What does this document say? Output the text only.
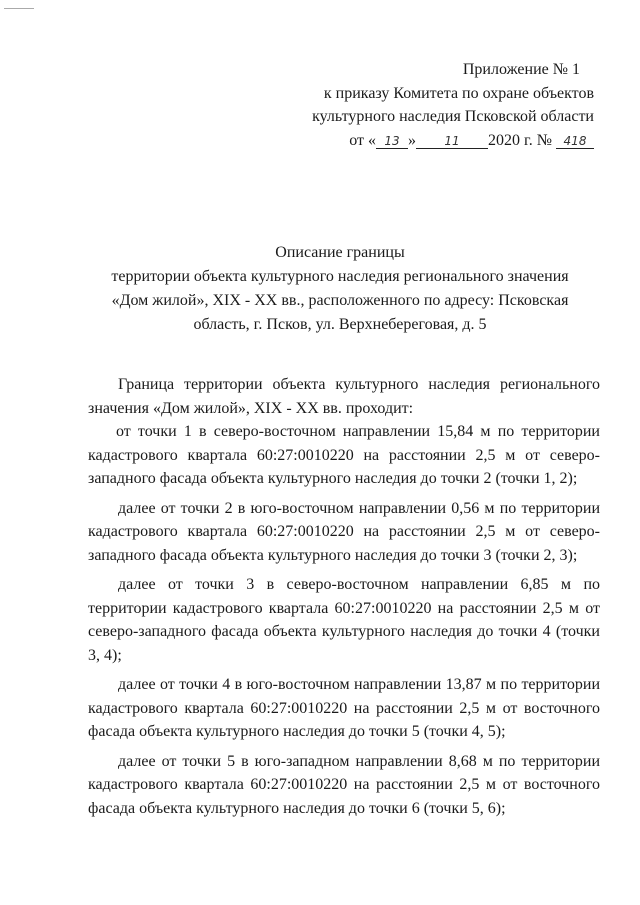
Приложение № 1
к приказу Комитета по охране объектов
культурного наследия Псковской области
от « 13 » 11 2020 г. № 418
Описание границы
территории объекта культурного наследия регионального значения
«Дом жилой», XIX - XX вв., расположенного по адресу: Псковская
область, г. Псков, ул. Верхнебереговая, д. 5

Граница территории объекта культурного наследия регионального значения «Дом жилой», XIX - XX вв. проходит:

от точки 1 в северо-восточном направлении 15,84 м по территории кадастрового квартала 60:27:0010220 на расстоянии 2,5 м от северо-западного фасада объекта культурного наследия до точки 2 (точки 1, 2);

далее от точки 2 в юго-восточном направлении 0,56 м по территории кадастрового квартала 60:27:0010220 на расстоянии 2,5 м от северо-западного фасада объекта культурного наследия до точки 3 (точки 2, 3);

далее от точки 3 в северо-восточном направлении 6,85 м по территории кадастрового квартала 60:27:0010220 на расстоянии 2,5 м от северо-западного фасада объекта культурного наследия до точки 4 (точки 3, 4);

далее от точки 4 в юго-восточном направлении 13,87 м по территории кадастрового квартала 60:27:0010220 на расстоянии 2,5 м от восточного фасада объекта культурного наследия до точки 5 (точки 4, 5);

далее от точки 5 в юго-западном направлении 8,68 м по территории кадастрового квартала 60:27:0010220 на расстоянии 2,5 м от восточного фасада объекта культурного наследия до точки 6 (точки 5, 6);
